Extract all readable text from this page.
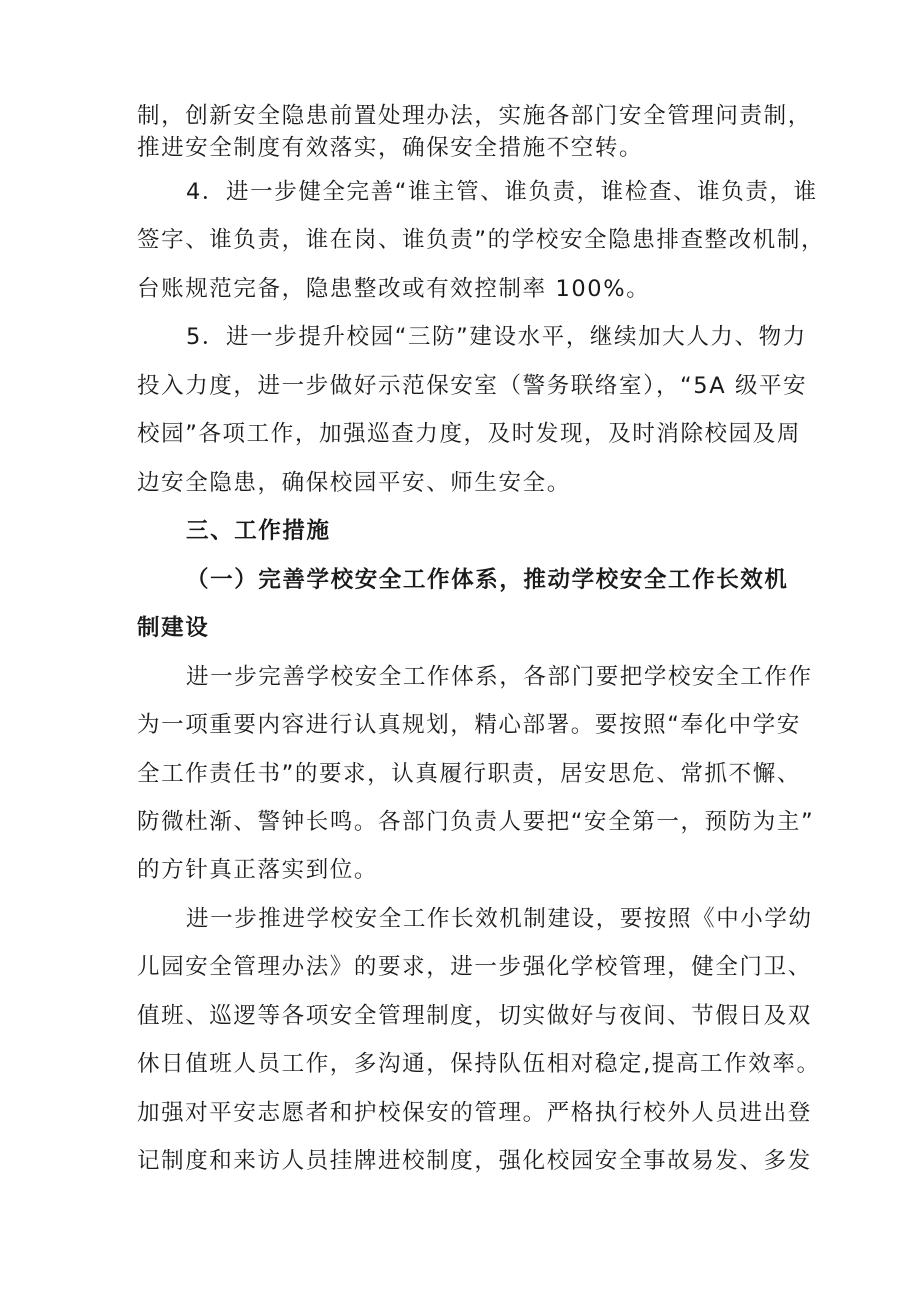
制，创新安全隐患前置处理办法，实施各部门安全管理问责制，
推进安全制度有效落实，确保安全措施不空转。
4．进一步健全完善“谁主管、谁负责，谁检查、谁负责，谁
签字、谁负责，谁在岗、谁负责”的学校安全隐患排查整改机制，
台账规范完备，隐患整改或有效控制率 100%。
5．进一步提升校园“三防”建设水平，继续加大人力、物力
投入力度，进一步做好示范保安室（警务联络室），“5A 级平安
校园”各项工作，加强巡查力度，及时发现，及时消除校园及周
边安全隐患，确保校园平安、师生安全。
三、工作措施
（一）完善学校安全工作体系，推动学校安全工作长效机
制建设
进一步完善学校安全工作体系，各部门要把学校安全工作作
为一项重要内容进行认真规划，精心部署。要按照“奉化中学安
全工作责任书”的要求，认真履行职责，居安思危、常抓不懈、
防微杜渐、警钟长鸣。各部门负责人要把“安全第一，预防为主”
的方针真正落实到位。
进一步推进学校安全工作长效机制建设，要按照《中小学幼
儿园安全管理办法》的要求，进一步强化学校管理，健全门卫、
值班、巡逻等各项安全管理制度，切实做好与夜间、节假日及双
休日值班人员工作，多沟通，保持队伍相对稳定,提高工作效率。
加强对平安志愿者和护校保安的管理。严格执行校外人员进出登
记制度和来访人员挂牌进校制度，强化校园安全事故易发、多发
